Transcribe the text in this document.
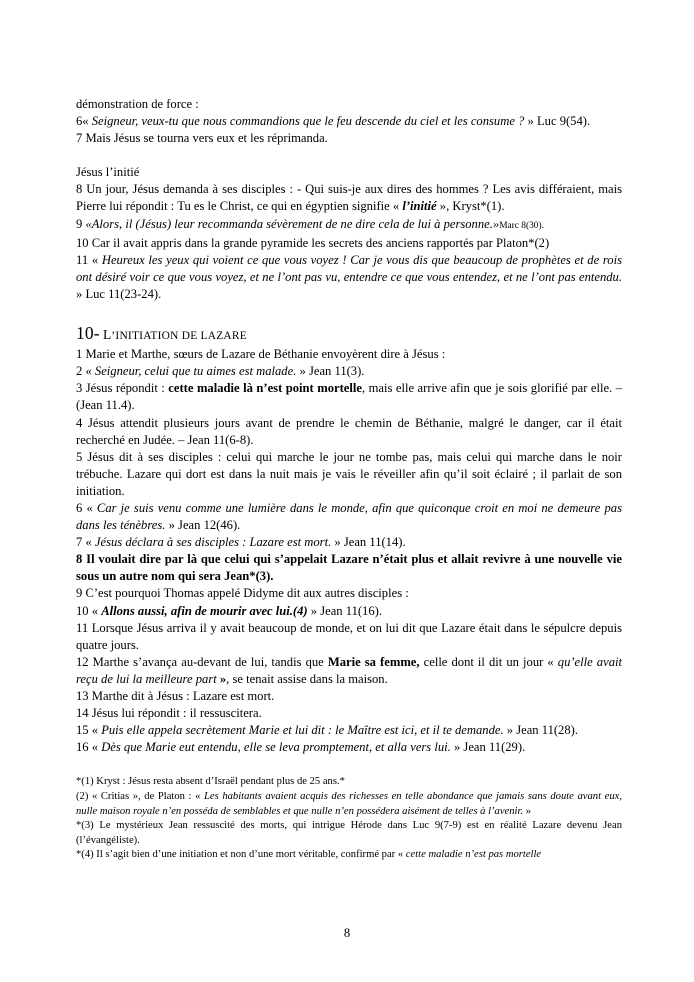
démonstration de force :

6« Seigneur, veux-tu que nous commandions que le feu descende du ciel et les consume ? » Luc 9(54).

7 Mais Jésus se tourna vers eux et les réprimanda.

Jésus l’initié

8 Un jour, Jésus demanda à ses disciples : - Qui suis-je aux dires des hommes ? Les avis différaient, mais Pierre lui répondit : Tu es le Christ, ce qui en égyptien signifie « l’initié », Kryst*(1).

9 «Alors, il (Jésus) leur recommanda sévèrement de ne dire cela de lui à personne.»Marc 8(30).

10 Car il avait appris dans la grande pyramide les secrets des anciens rapportés par Platon*(2)

11 « Heureux les yeux qui voient ce que vous voyez ! Car je vous dis que beaucoup de prophètes et de rois ont désiré voir ce que vous voyez, et ne l’ont pas vu, entendre ce que vous entendez, et ne l’ont pas entendu. » Luc 11(23-24).

10- L’INITIATION DE LAZARE

1 Marie et Marthe, sœurs de Lazare de Béthanie envoyèrent dire à Jésus :

2 « Seigneur, celui que tu aimes est malade. » Jean 11(3).

3 Jésus répondit : cette maladie là n’est point mortelle, mais elle arrive afin que je sois glorifié par elle. – (Jean 11.4).

4 Jésus attendit plusieurs jours avant de prendre le chemin de Béthanie, malgré le danger, car il était recherché en Judée. – Jean 11(6-8).

5 Jésus dit à ses disciples : celui qui marche le jour ne tombe pas, mais celui qui marche dans le noir trébuche. Lazare qui dort est dans la nuit mais je vais le réveiller afin qu’il soit éclairé ; il parlait de son initiation.

6 « Car je suis venu comme une lumière dans le monde, afin que quiconque croit en moi ne demeure pas dans les ténèbres. » Jean 12(46).

7 « Jésus déclara à ses disciples : Lazare est mort. » Jean 11(14).

8 Il voulait dire par là que celui qui s’appelait Lazare n’était plus et allait revivre à une nouvelle vie sous un autre nom qui sera Jean*(3).

9 C’est pourquoi Thomas appelé Didyme dit aux autres disciples :

10 « Allons aussi, afin de mourir avec lui.(4) » Jean 11(16).

11 Lorsque Jésus arriva il y avait beaucoup de monde, et on lui dit que Lazare était dans le sépulcre depuis quatre jours.

12 Marthe s’avança au-devant de lui, tandis que Marie sa femme, celle dont il dit un jour « qu’elle avait reçu de lui la meilleure part », se tenait assise dans la maison.

13 Marthe dit à Jésus : Lazare est mort.

14 Jésus lui répondit : il ressuscitera.

15 « Puis elle appela secrètement Marie et lui dit : le Maître est ici, et il te demande. » Jean 11(28).

16 « Dès que Marie eut entendu, elle se leva promptement, et alla vers lui. » Jean 11(29).

*(1) Kryst : Jésus resta absent d’Israël pendant plus de 25 ans.*

(2) « Critias », de Platon : « Les habitants avaient acquis des richesses en telle abondance que jamais sans doute avant eux, nulle maison royale n’en posséda de semblables et que nulle n’en possédera aisément de telles à l’avenir. »

*(3) Le mystérieux Jean ressuscité des morts, qui intrigue Hérode dans Luc 9(7-9) est en réalité Lazare devenu Jean (l’évangéliste).

*(4) Il s’agit bien d’une initiation et non d’une mort véritable, confirmé par « cette maladie n’est pas mortelle

8
